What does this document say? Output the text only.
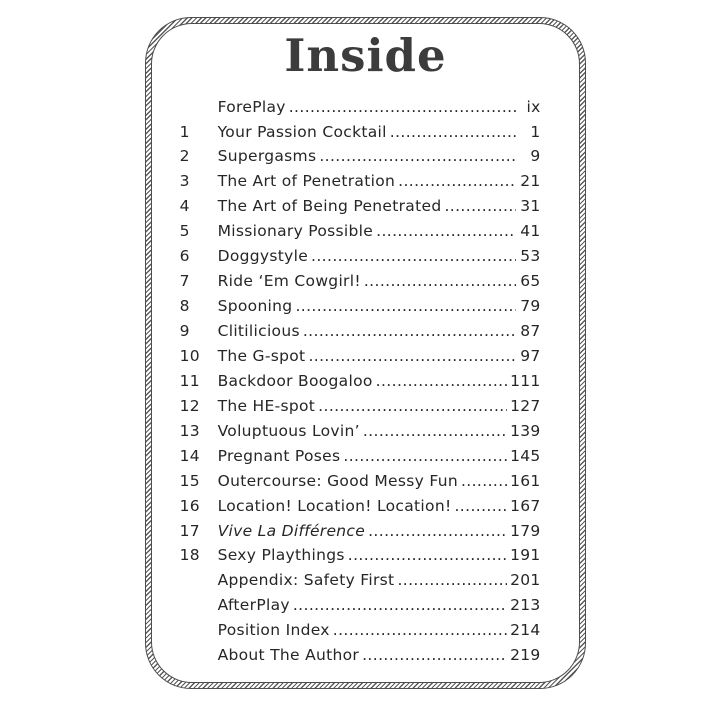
Inside
ForePlay .....	ix
1	Your Passion Cocktail .....	1
2	Supergasms .....	9
3	The Art of Penetration .....	21
4	The Art of Being Penetrated .....	31
5	Missionary Possible .....	41
6	Doggystyle .....	53
7	Ride ‘Em Cowgirl! .....	65
8	Spooning .....	79
9	Clitilicious .....	87
10	The G-spot .....	97
11	Backdoor Boogaloo .....	111
12	The HE-spot .....	127
13	Voluptuous Lovin’ .....	139
14	Pregnant Poses .....	145
15	Outercourse: Good Messy Fun .....	161
16	Location! Location! Location! .....	167
17	Vive La Différence .....	179
18	Sexy Playthings .....	191
Appendix: Safety First .....	201
AfterPlay .....	213
Position Index .....	214
About The Author .....	219
